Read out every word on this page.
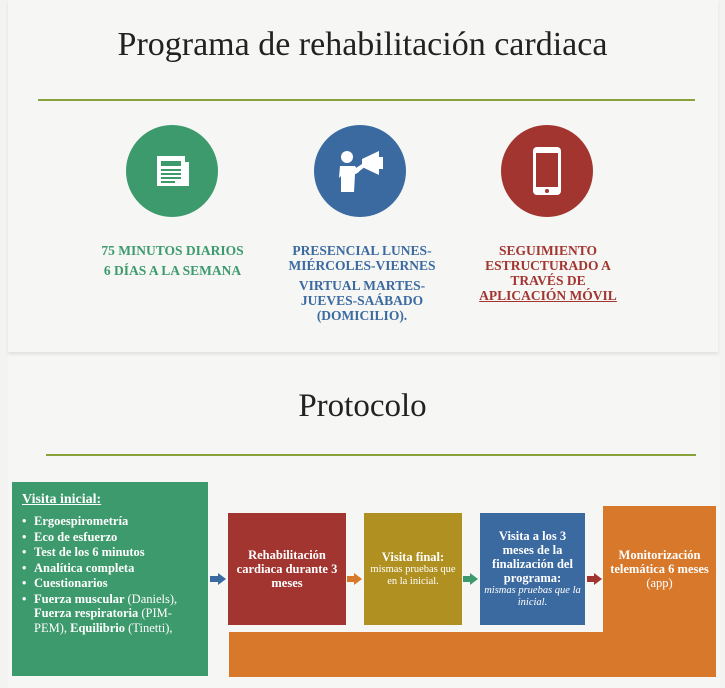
Programa de rehabilitación cardiaca

75 MINUTOS DIARIOS

6 DÍAS A LA SEMANA

PRESENCIAL LUNES-MIÉRCOLES-VIERNES

VIRTUAL MARTES-JUEVES-SAÁBADO (DOMICILIO).

SEGUIMIENTO ESTRUCTURADO A TRAVÉS DE

APLICACIÓN MÓVIL

Protocolo
Visita inicial:
• Ergoespirometría
• Eco de esfuerzo
• Test de los 6 minutos
• Analítica completa
• Cuestionarios
• Fuerza muscular (Daniels), Fuerza respiratoria (PIM-PEM), Equilibrio (Tinetti),
Rehabilitación cardiaca durante 3 meses
Visita final:
mismas pruebas que en la inicial.
Visita a los 3 meses de la finalización del programa:
mismas pruebas que la inicial.
Monitorización telemática 6 meses (app)
